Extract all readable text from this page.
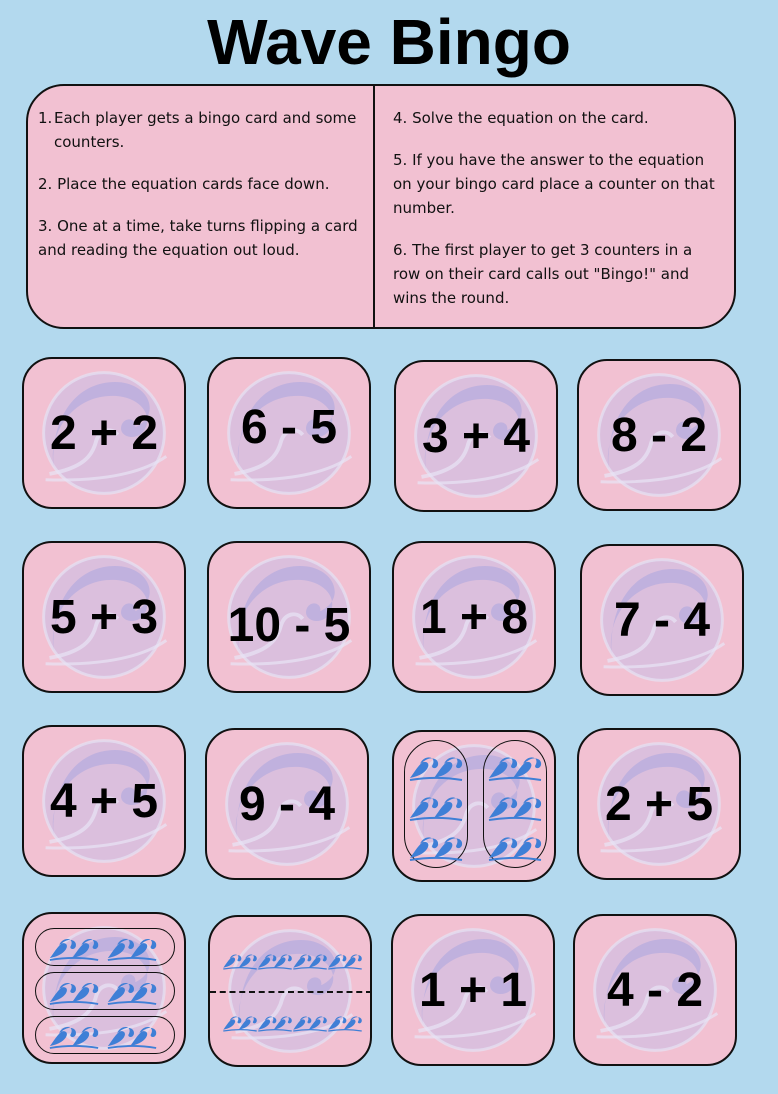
Wave Bingo
1. Each player gets a bingo card and some counters.
2. Place the equation cards face down.
3. One at a time, take turns flipping a card and reading the equation out loud.
4. Solve the equation on the card.
5. If you have the answer to the equation on your bingo card place a counter on that number.
6. The first player to get 3 counters in a row on their card calls out "Bingo!" and wins the round.
2 + 2	6 - 5	3 + 4	8 - 2
5 + 3	10 - 5	1 + 8	7 - 4
4 + 5	9 - 4	2 + 5
1 + 1	4 - 2
